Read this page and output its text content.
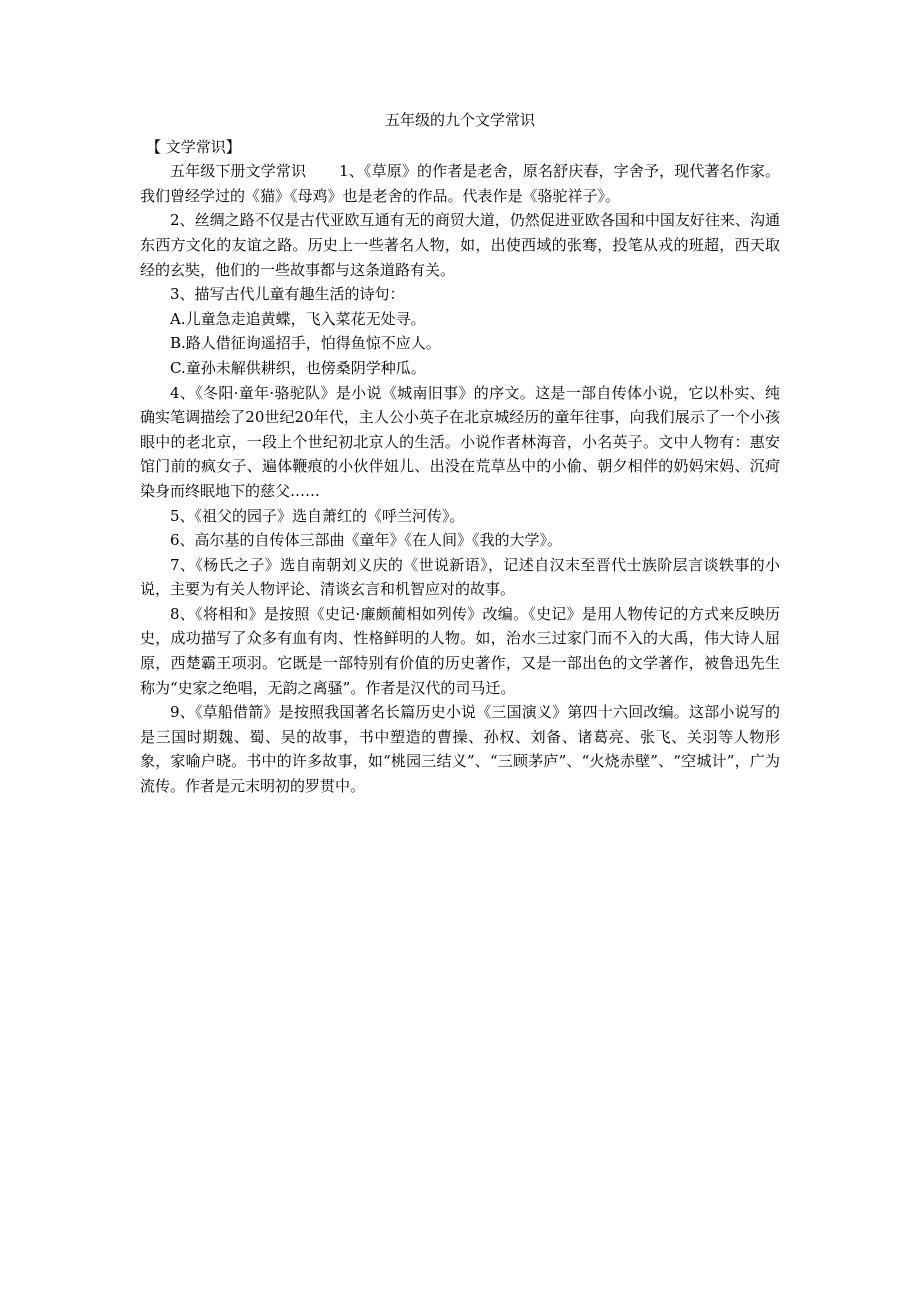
五年级的九个文学常识

【 文学常识】

五年级下册文学常识 1、《草原》的作者是老舍，原名舒庆春，字舍予，现代著名作家。我们曾经学过的《猫》《母鸡》也是老舍的作品。代表作是《骆驼祥子》。

2、丝绸之路不仅是古代亚欧互通有无的商贸大道，仍然促进亚欧各国和中国友好往来、沟通东西方文化的友谊之路。历史上一些著名人物，如，出使西域的张骞，投笔从戎的班超，西天取经的玄奘，他们的一些故事都与这条道路有关。

3、描写古代儿童有趣生活的诗句：

A.儿童急走追黄蝶，飞入菜花无处寻。

B.路人借征询遥招手，怕得鱼惊不应人。

C.童孙未解供耕织，也傍桑阴学种瓜。

4、《冬阳·童年·骆驼队》是小说《城南旧事》的序文。这是一部自传体小说，它以朴实、纯确实笔调描绘了20世纪20年代，主人公小英子在北京城经历的童年往事，向我们展示了一个小孩眼中的老北京，一段上个世纪初北京人的生活。小说作者林海音，小名英子。文中人物有：惠安馆门前的疯女子、遍体鞭痕的小伙伴妞儿、出没在荒草丛中的小偷、朝夕相伴的奶妈宋妈、沉疴染身而终眠地下的慈父……

5、《祖父的园子》选自萧红的《呼兰河传》。

6、高尔基的自传体三部曲《童年》《在人间》《我的大学》。

7、《杨氏之子》选自南朝刘义庆的《世说新语》，记述自汉末至晋代士族阶层言谈轶事的小说，主要为有关人物评论、清谈玄言和机智应对的故事。

8、《将相和》是按照《史记·廉颇蔺相如列传》改编。《史记》是用人物传记的方式来反映历史，成功描写了众多有血有肉、性格鲜明的人物。如，治水三过家门而不入的大禹，伟大诗人屈原，西楚霸王项羽。它既是一部特别有价值的历史著作，又是一部出色的文学著作，被鲁迅先生称为“史家之绝唱，无韵之离骚”。作者是汉代的司马迁。

9、《草船借箭》是按照我国著名长篇历史小说《三国演义》第四十六回改编。这部小说写的是三国时期魏、蜀、吴的故事，书中塑造的曹操、孙权、刘备、诸葛亮、张飞、关羽等人物形象，家喻户晓。书中的许多故事，如“桃园三结义”、“三顾茅庐”、“火烧赤壁”、“空城计”，广为流传。作者是元末明初的罗贯中。
